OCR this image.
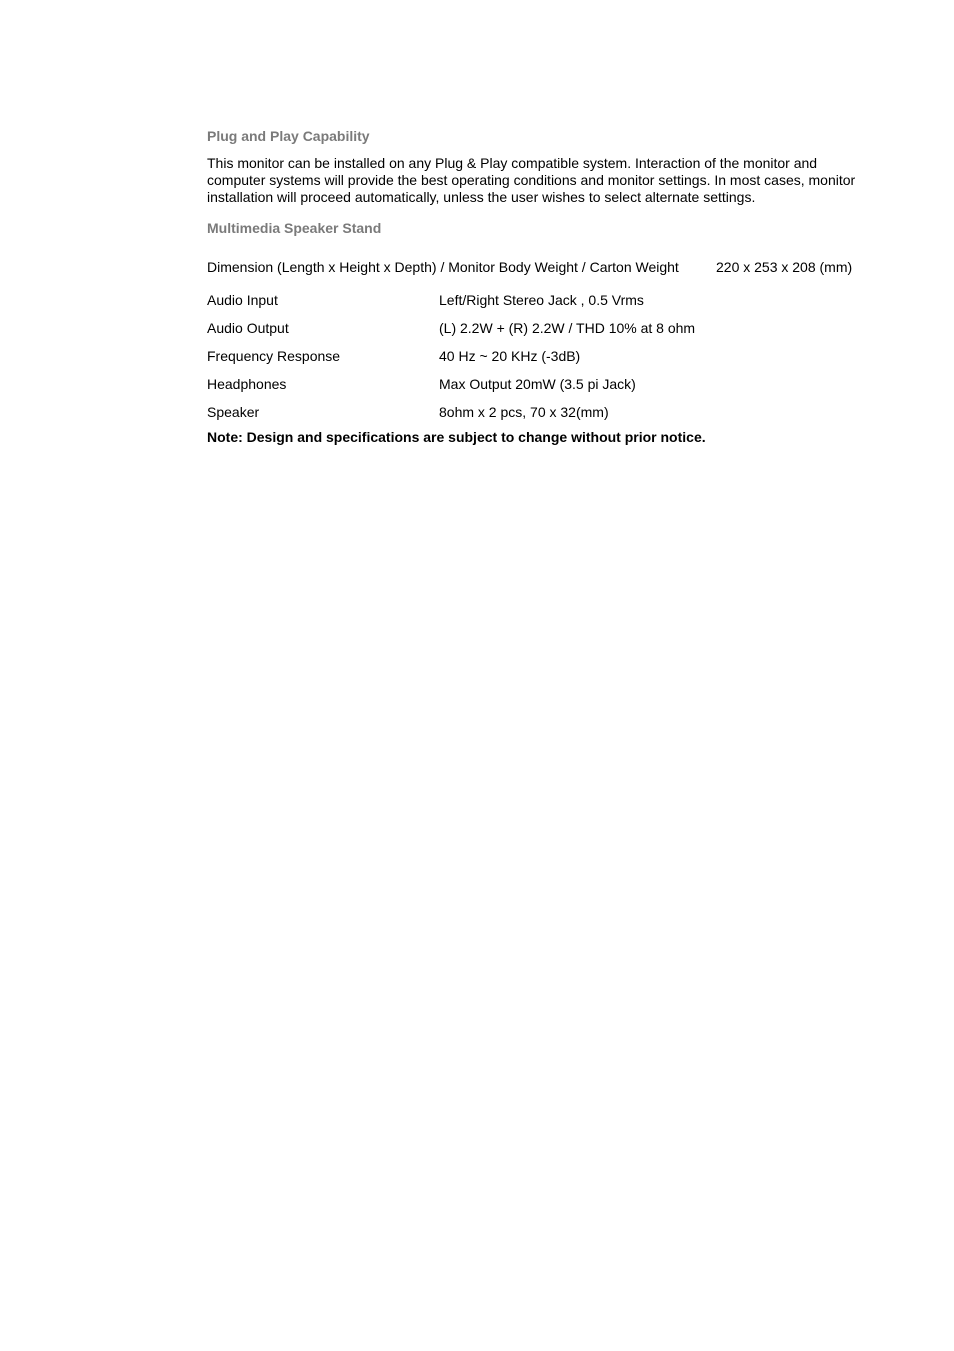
Plug and Play Capability

This monitor can be installed on any Plug & Play compatible system. Interaction of the monitor and computer systems will provide the best operating conditions and monitor settings. In most cases, monitor installation will proceed automatically, unless the user wishes to select alternate settings.

Multimedia Speaker Stand
Dimension (Length x Height x Depth) / Monitor Body Weight / Carton Weight	220 x 253 x 208 (mm)
Audio Input	Left/Right Stereo Jack , 0.5 Vrms
Audio Output	(L) 2.2W + (R) 2.2W / THD 10% at 8 ohm
Frequency Response	40 Hz ~ 20 KHz (-3dB)
Headphones	Max Output 20mW (3.5 pi Jack)
Speaker	8ohm x 2 pcs, 70 x 32(mm)

Note: Design and specifications are subject to change without prior notice.
